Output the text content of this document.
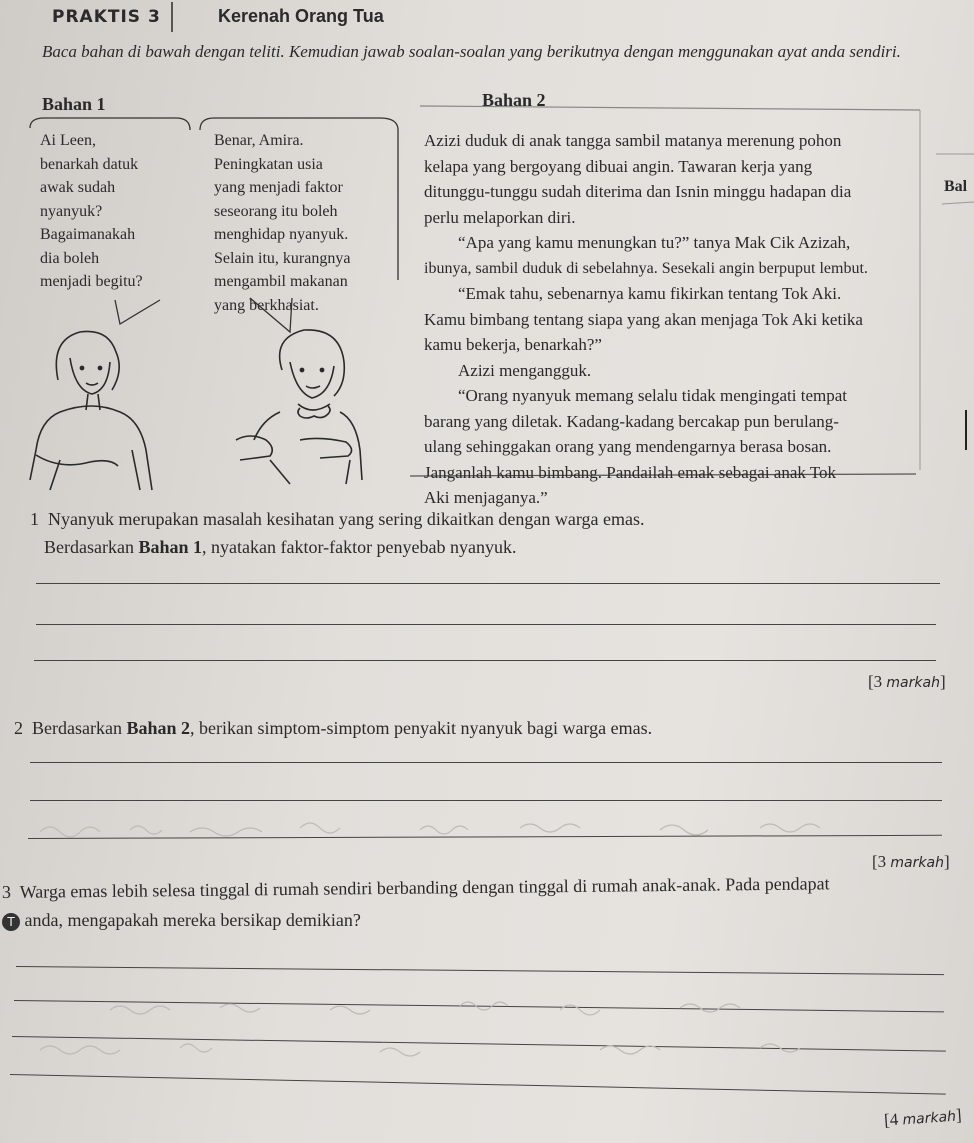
PRAKTIS 3	Kerenah Orang Tua
Baca bahan di bawah dengan teliti. Kemudian jawab soalan-soalan yang berikutnya dengan menggunakan ayat anda sendiri.
Bahan 1
Ai Leen,
benarkah datuk
awak sudah
nyanyuk?
Bagaimanakah
dia boleh
menjadi begitu?
Benar, Amira.
Peningkatan usia
yang menjadi faktor
seseorang itu boleh
menghidap nyanyuk.
Selain itu, kurangnya
mengambil makanan
yang berkhasiat.
Bahan 2
Bal

Azizi duduk di anak tangga sambil matanya merenung pohon

kelapa yang bergoyang dibuai angin. Tawaran kerja yang

ditunggu-tunggu sudah diterima dan Isnin minggu hadapan dia

perlu melaporkan diri.

“Apa yang kamu menungkan tu?” tanya Mak Cik Azizah,

ibunya, sambil duduk di sebelahnya. Sesekali angin berpuput lembut.

“Emak tahu, sebenarnya kamu fikirkan tentang Tok Aki.

Kamu bimbang tentang siapa yang akan menjaga Tok Aki ketika

kamu bekerja, benarkah?”

Azizi mengangguk.

“Orang nyanyuk memang selalu tidak mengingati tempat

barang yang diletak. Kadang-kadang bercakap pun berulang-

ulang sehinggakan orang yang mendengarnya berasa bosan.

Janganlah kamu bimbang. Pandailah emak sebagai anak Tok

Aki menjaganya.”

1 Nyanyuk merupakan masalah kesihatan yang sering dikaitkan dengan warga emas.
Berdasarkan Bahan 1, nyatakan faktor-faktor penyebab nyanyuk.
[3 markah]
2 Berdasarkan Bahan 2, berikan simptom-simptom penyakit nyanyuk bagi warga emas.
[3 markah]
3 Warga emas lebih selesa tinggal di rumah sendiri berbanding dengan tinggal di rumah anak-anak. Pada pendapat
T anda, mengapakah mereka bersikap demikian?
[4 markah]
